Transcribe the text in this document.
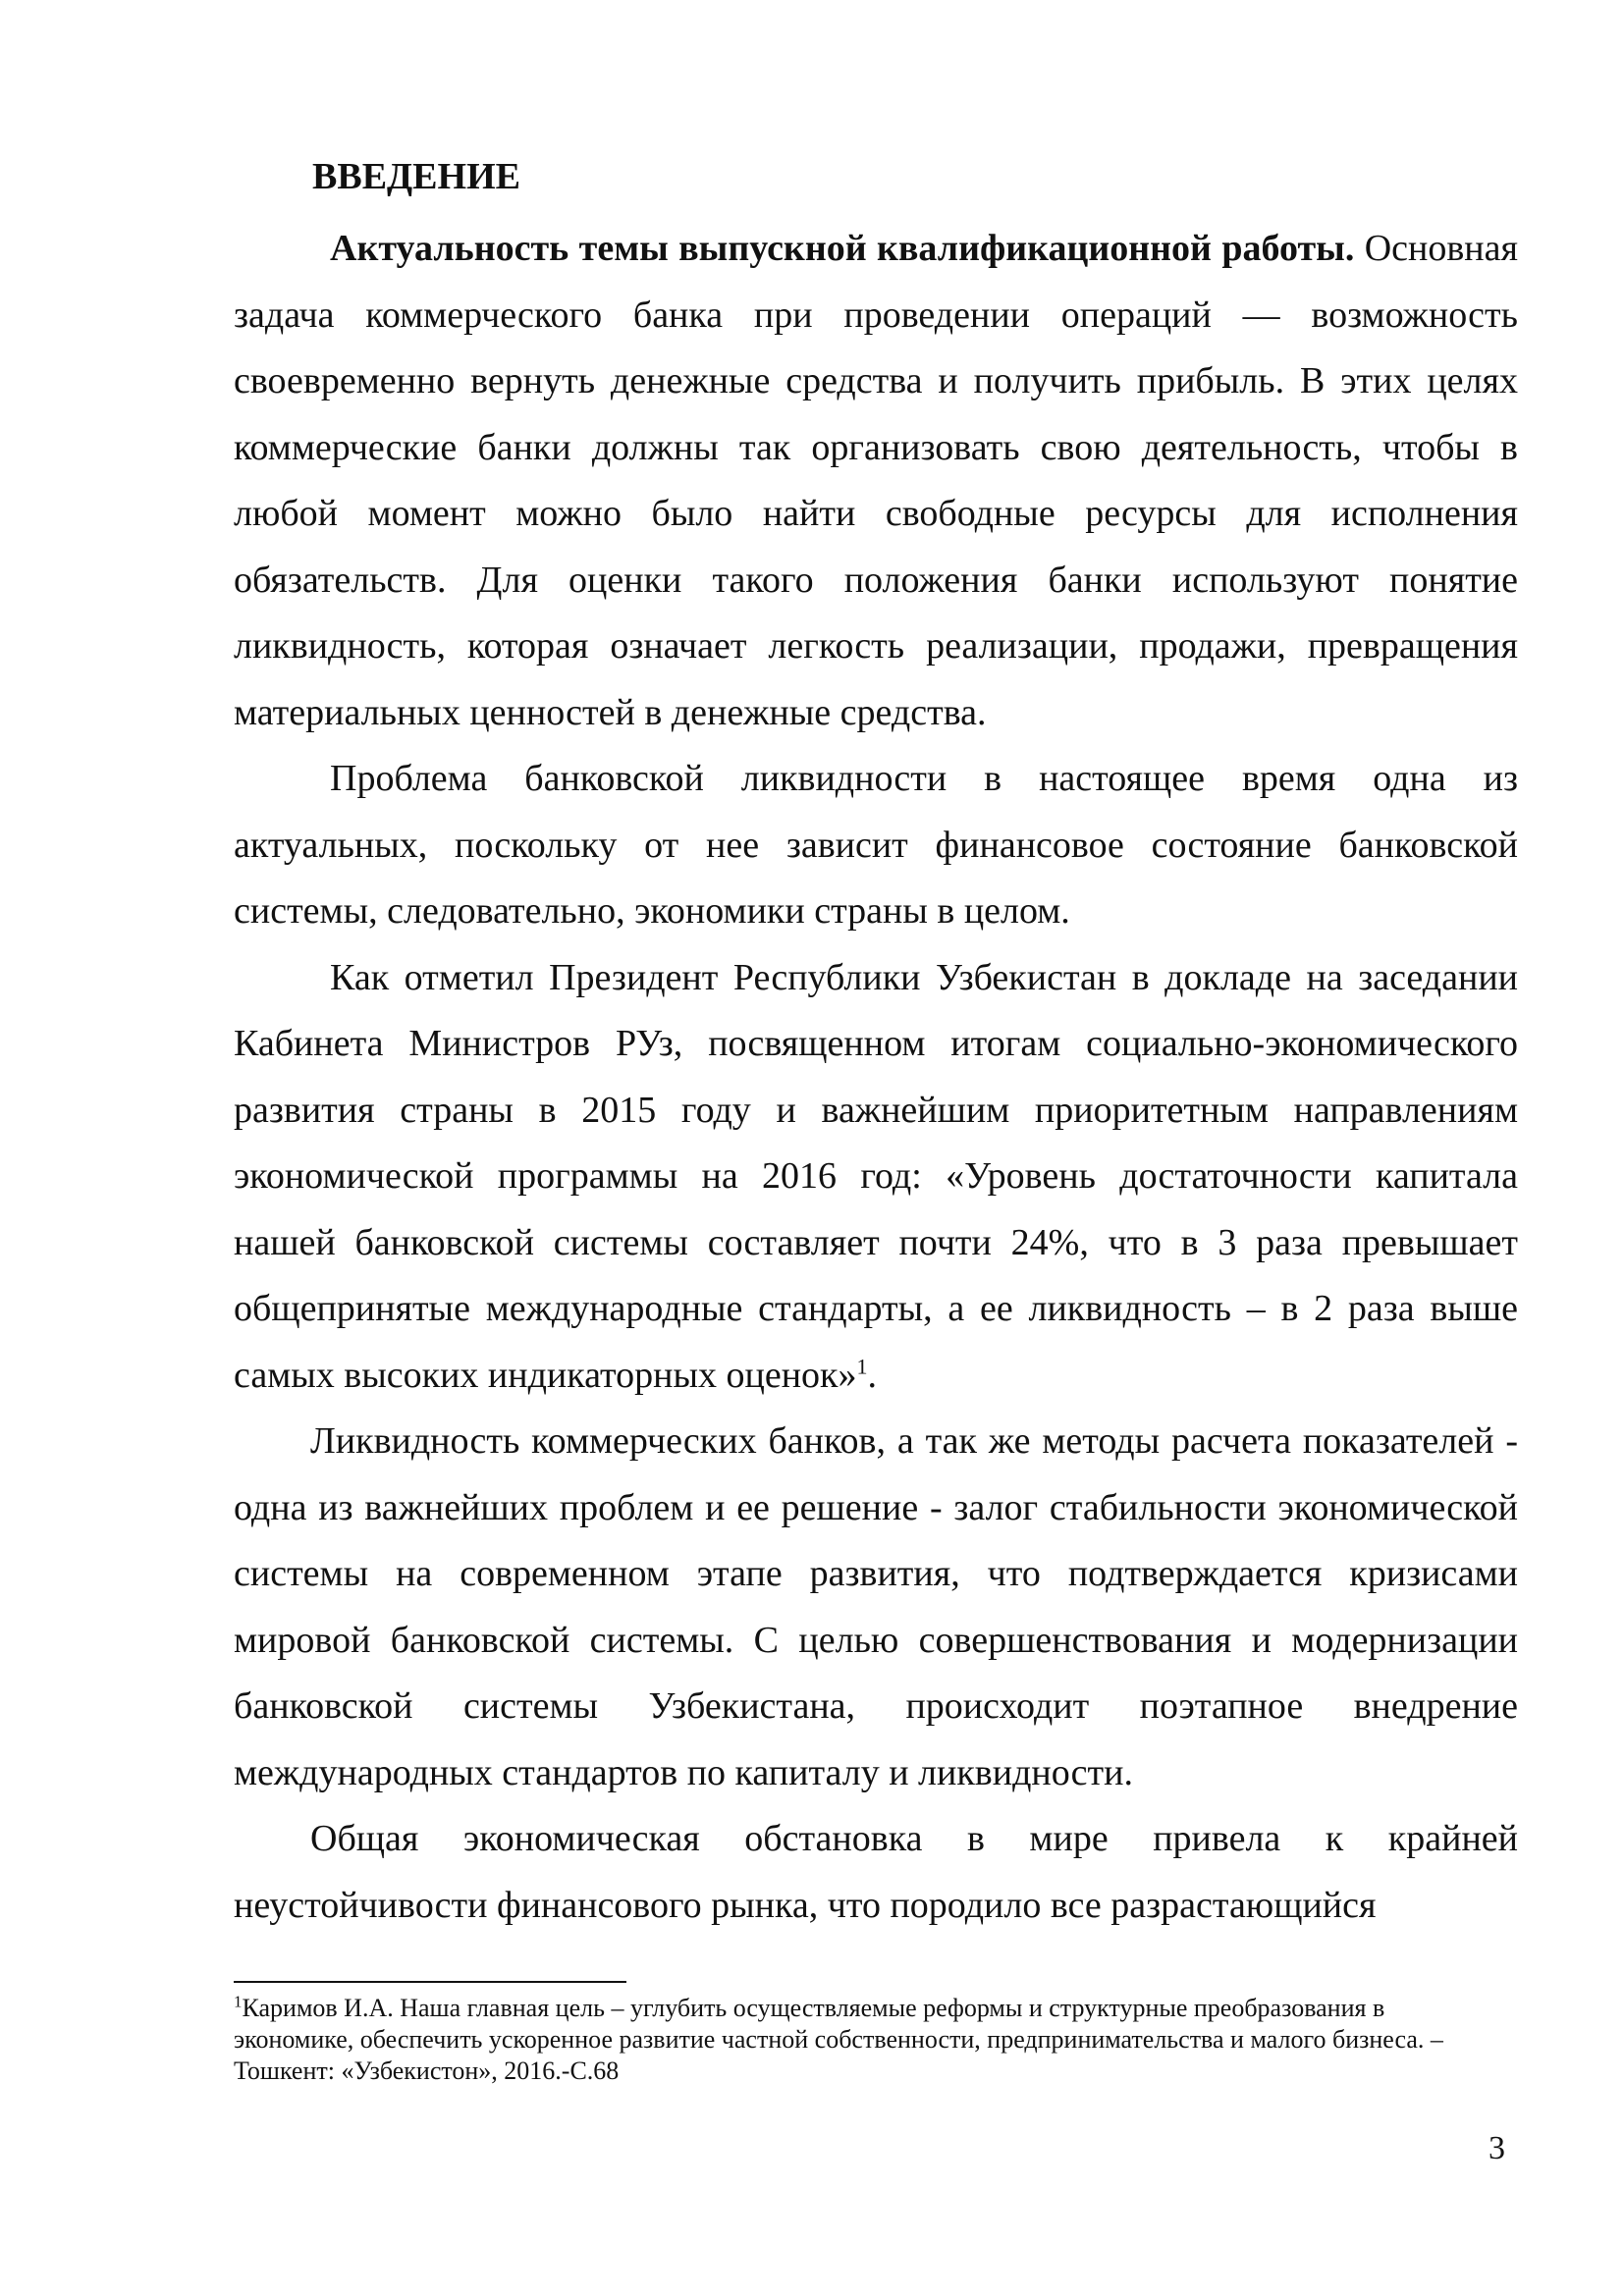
ВВЕДЕНИЕ

Актуальность темы выпускной квалификационной работы. Основная задача коммерческого банка при проведении операций — возможность своевременно вернуть денежные средства и получить прибыль. В этих целях коммерческие банки должны так организовать свою деятельность, чтобы в любой момент можно было найти свободные ресурсы для исполнения обязательств. Для оценки такого положения банки используют понятие ликвидность, которая означает легкость реализации, продажи, превращения материальных ценностей в денежные средства.

Проблема банковской ликвидности в настоящее время одна из актуальных, поскольку от нее зависит финансовое состояние банковской системы, следовательно, экономики страны в целом.

Как отметил Президент Республики Узбекистан в докладе на заседании Кабинета Министров РУз, посвященном итогам социально-экономического развития страны в 2015 году и важнейшим приоритетным направлениям экономической программы на 2016 год: «Уровень достаточности капитала нашей банковской системы составляет почти 24%, что в 3 раза превышает общепринятые международные стандарты, а ее ликвидность – в 2 раза выше самых высоких индикаторных оценок»$^1$.

Ликвидность коммерческих банков, а так же методы расчета показателей - одна из важнейших проблем и ее решение - залог стабильности экономической системы на современном этапе развития, что подтверждается кризисами мировой банковской системы. С целью совершенствования и модернизации банковской системы Узбекистана, происходит поэтапное внедрение международных стандартов по капиталу и ликвидности.

Общая экономическая обстановка в мире привела к крайней неустойчивости финансового рынка, что породило все разрастающийся

$^1$Каримов И.А. Наша главная цель – углубить осуществляемые реформы и структурные преобразования в экономике, обеспечить ускоренное развитие частной собственности, предпринимательства и малого бизнеса. – Тошкент: «Узбекистон», 2016.-С.68
3
